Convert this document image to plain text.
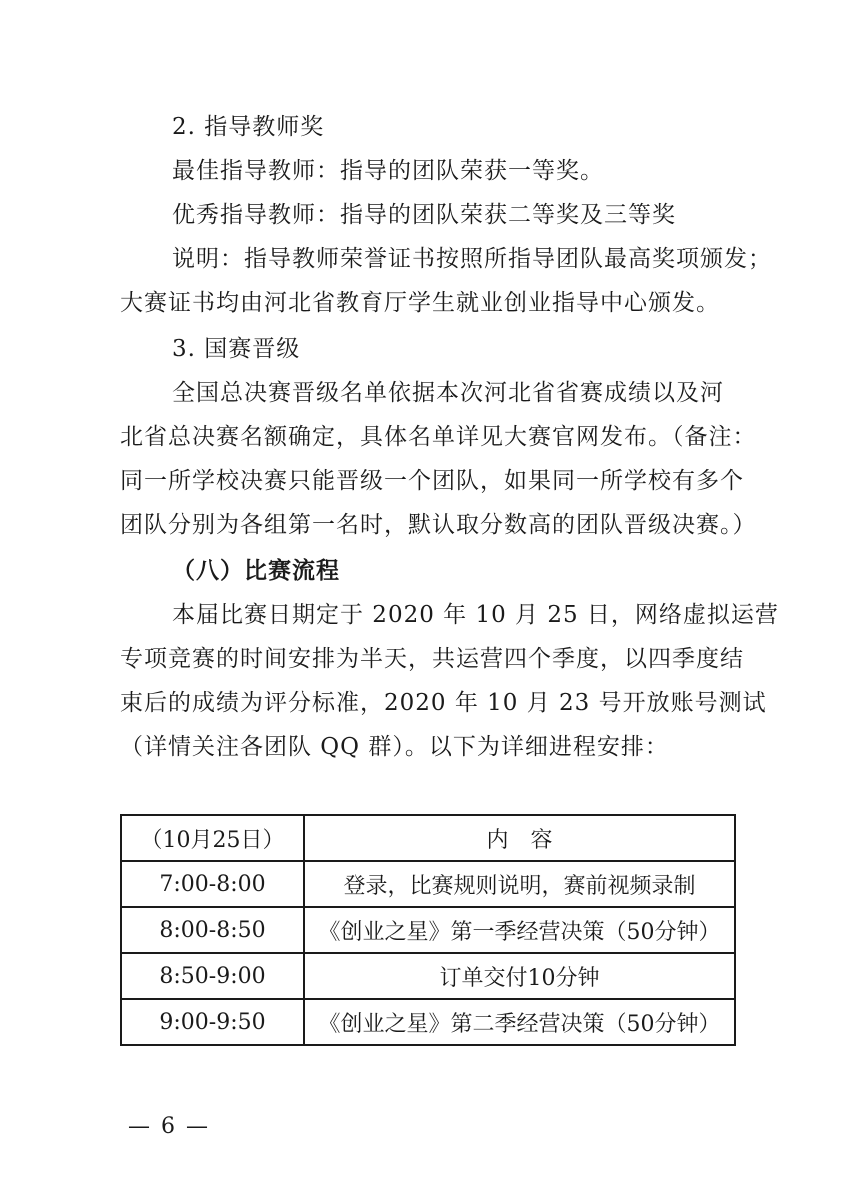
2. 指导教师奖
最佳指导教师：指导的团队荣获一等奖。
优秀指导教师：指导的团队荣获二等奖及三等奖
说明：指导教师荣誉证书按照所指导团队最高奖项颁发；
大赛证书均由河北省教育厅学生就业创业指导中心颁发。
3. 国赛晋级
全国总决赛晋级名单依据本次河北省省赛成绩以及河
北省总决赛名额确定，具体名单详见大赛官网发布。（备注：
同一所学校决赛只能晋级一个团队，如果同一所学校有多个
团队分别为各组第一名时，默认取分数高的团队晋级决赛。）
（八）比赛流程
本届比赛日期定于 2020 年 10 月 25 日，网络虚拟运营
专项竞赛的时间安排为半天，共运营四个季度，以四季度结
束后的成绩为评分标准，2020 年 10 月 23 号开放账号测试
（详情关注各团队 QQ 群）。以下为详细进程安排：
（10月25日）	内　容
7:00-8:00	登录，比赛规则说明，赛前视频录制
8:00-8:50	《创业之星》第一季经营决策（50分钟）
8:50-9:00	订单交付10分钟
9:00-9:50	《创业之星》第二季经营决策（50分钟）
— 6 —
